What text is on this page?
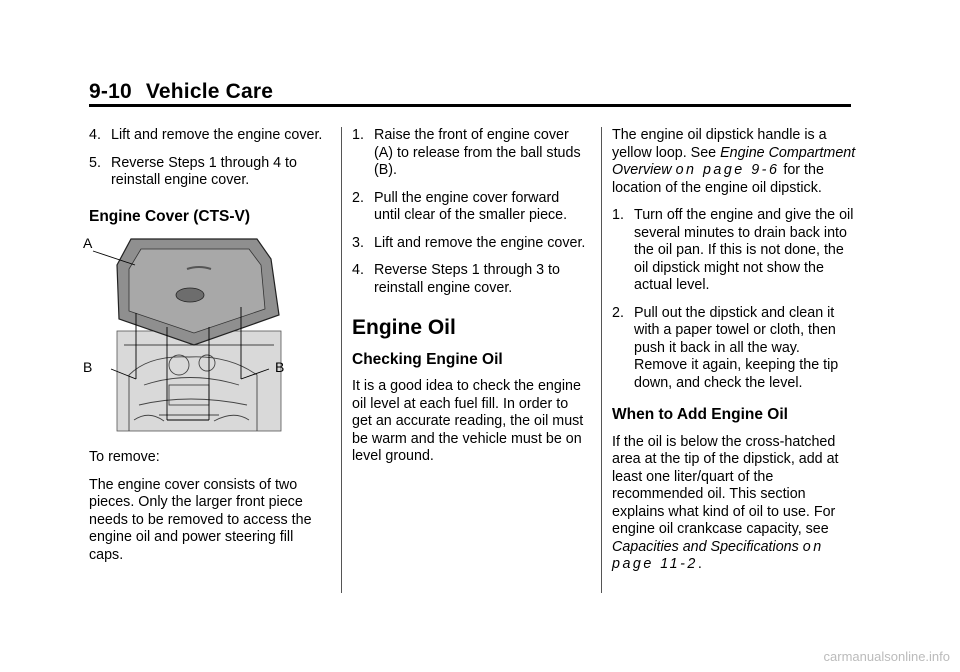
9-10 Vehicle Care
4. Lift and remove the engine cover.
5. Reverse Steps 1 through 4 to reinstall engine cover.
Engine Cover (CTS-V)
A
B	B

To remove:

The engine cover consists of two pieces. Only the larger front piece needs to be removed to access the engine oil and power steering fill caps.

1. Raise the front of engine cover (A) to release from the ball studs (B).
2. Pull the engine cover forward until clear of the smaller piece.
3. Lift and remove the engine cover.
4. Reverse Steps 1 through 3 to reinstall engine cover.
Engine Oil
Checking Engine Oil

It is a good idea to check the engine oil level at each fuel fill. In order to get an accurate reading, the oil must be warm and the vehicle must be on level ground.

The engine oil dipstick handle is a yellow loop. See Engine Compartment Overview on page 9-6 for the location of the engine oil dipstick.

1. Turn off the engine and give the oil several minutes to drain back into the oil pan. If this is not done, the oil dipstick might not show the actual level.
2. Pull out the dipstick and clean it with a paper towel or cloth, then push it back in all the way. Remove it again, keeping the tip down, and check the level.
When to Add Engine Oil

If the oil is below the cross-hatched area at the tip of the dipstick, add at least one liter/quart of the recommended oil. This section explains what kind of oil to use. For engine oil crankcase capacity, see Capacities and Specifications on page 11-2.

carmanualsonline.info
